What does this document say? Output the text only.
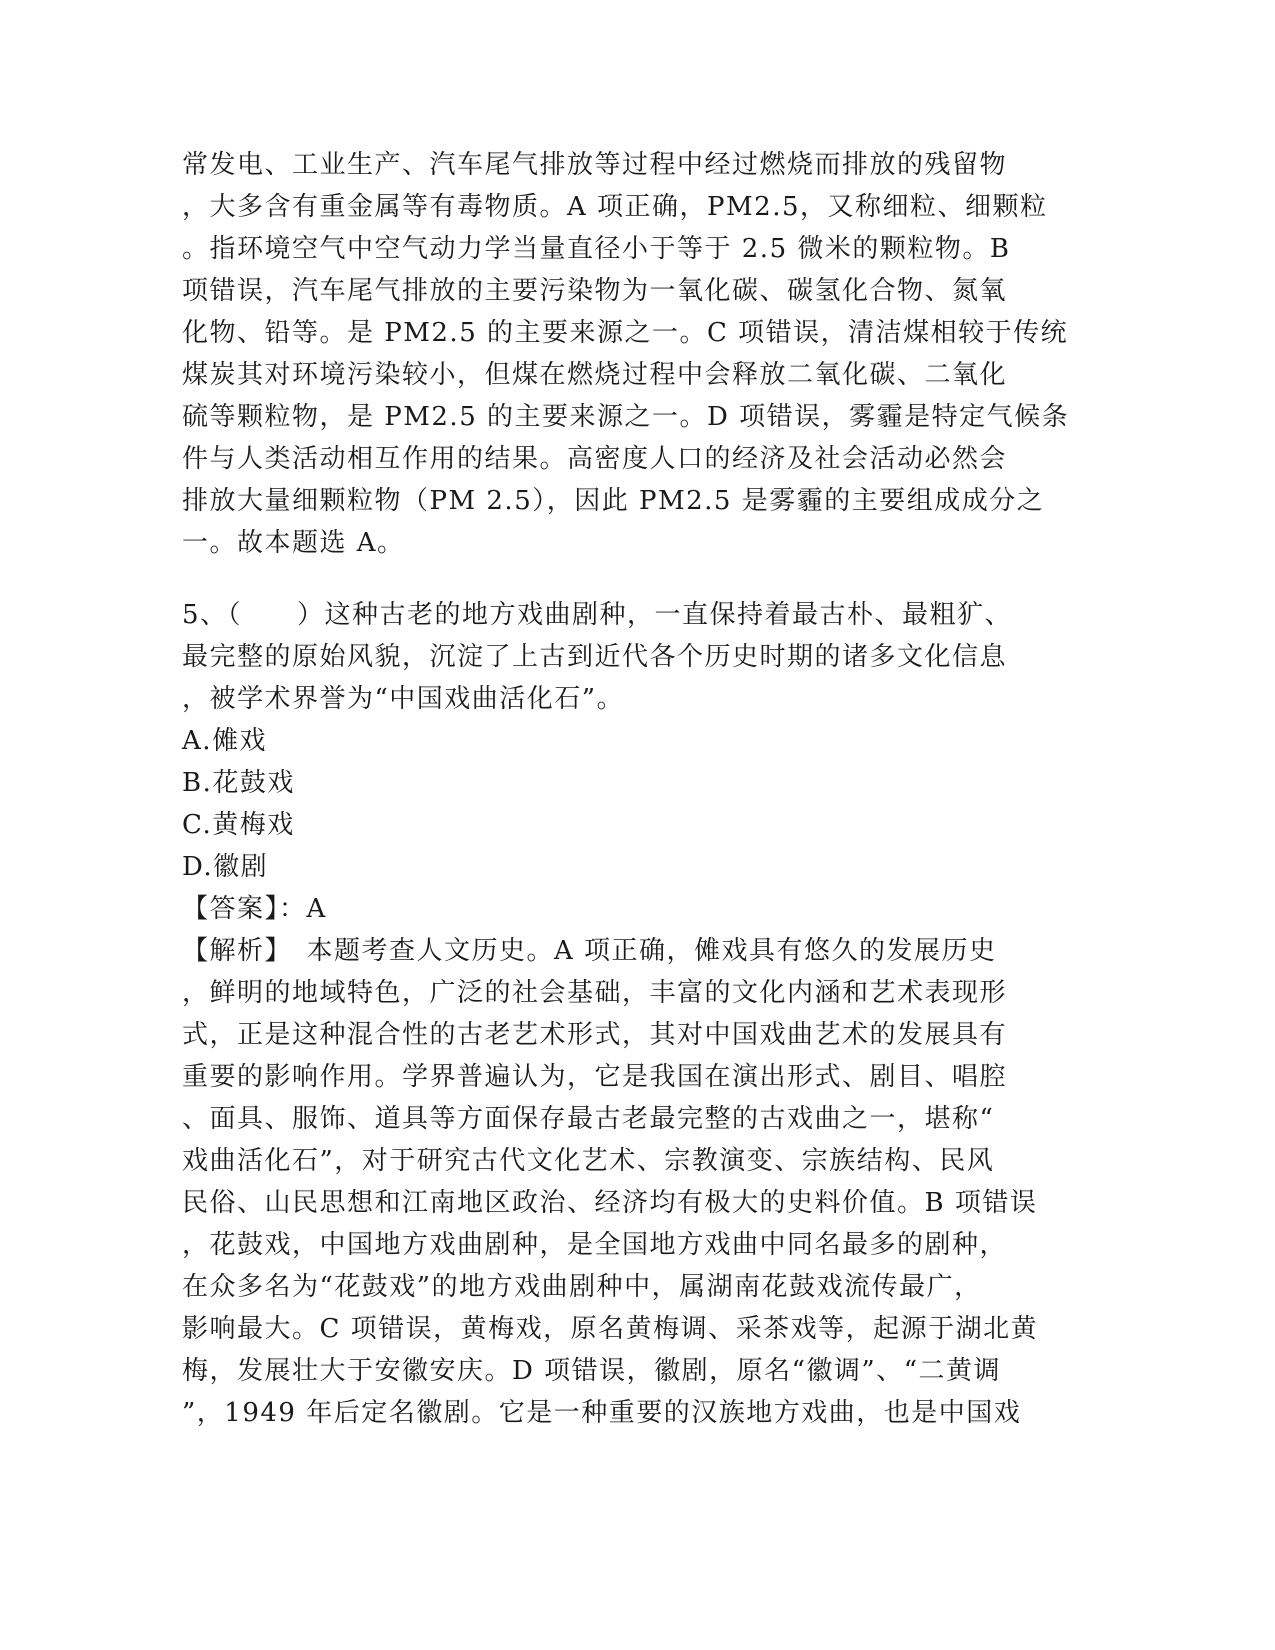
常发电、工业生产、汽车尾气排放等过程中经过燃烧而排放的残留物
，大多含有重金属等有毒物质。A 项正确，PM2.5，又称细粒、细颗粒
。指环境空气中空气动力学当量直径小于等于 2.5 微米的颗粒物。B
项错误，汽车尾气排放的主要污染物为一氧化碳、碳氢化合物、氮氧
化物、铅等。是 PM2.5 的主要来源之一。C 项错误，清洁煤相较于传统
煤炭其对环境污染较小，但煤在燃烧过程中会释放二氧化碳、二氧化
硫等颗粒物，是 PM2.5 的主要来源之一。D 项错误，雾霾是特定气候条
件与人类活动相互作用的结果。高密度人口的经济及社会活动必然会
排放大量细颗粒物（PM 2.5），因此 PM2.5 是雾霾的主要组成成分之
一。故本题选 A。
5、（　　）这种古老的地方戏曲剧种，一直保持着最古朴、最粗犷、
最完整的原始风貌，沉淀了上古到近代各个历史时期的诸多文化信息
，被学术界誉为“中国戏曲活化石”。
A.傩戏
B.花鼓戏
C.黄梅戏
D.徽剧
【答案】：A
【解析】　本题考查人文历史。A 项正确，傩戏具有悠久的发展历史
，鲜明的地域特色，广泛的社会基础，丰富的文化内涵和艺术表现形
式，正是这种混合性的古老艺术形式，其对中国戏曲艺术的发展具有
重要的影响作用。学界普遍认为，它是我国在演出形式、剧目、唱腔
、面具、服饰、道具等方面保存最古老最完整的古戏曲之一，堪称“
戏曲活化石”，对于研究古代文化艺术、宗教演变、宗族结构、民风
民俗、山民思想和江南地区政治、经济均有极大的史料价值。B 项错误
，花鼓戏，中国地方戏曲剧种，是全国地方戏曲中同名最多的剧种，
在众多名为“花鼓戏”的地方戏曲剧种中，属湖南花鼓戏流传最广，
影响最大。C 项错误，黄梅戏，原名黄梅调、采茶戏等，起源于湖北黄
梅，发展壮大于安徽安庆。D 项错误，徽剧，原名“徽调”、“二黄调
”，1949 年后定名徽剧。它是一种重要的汉族地方戏曲，也是中国戏
